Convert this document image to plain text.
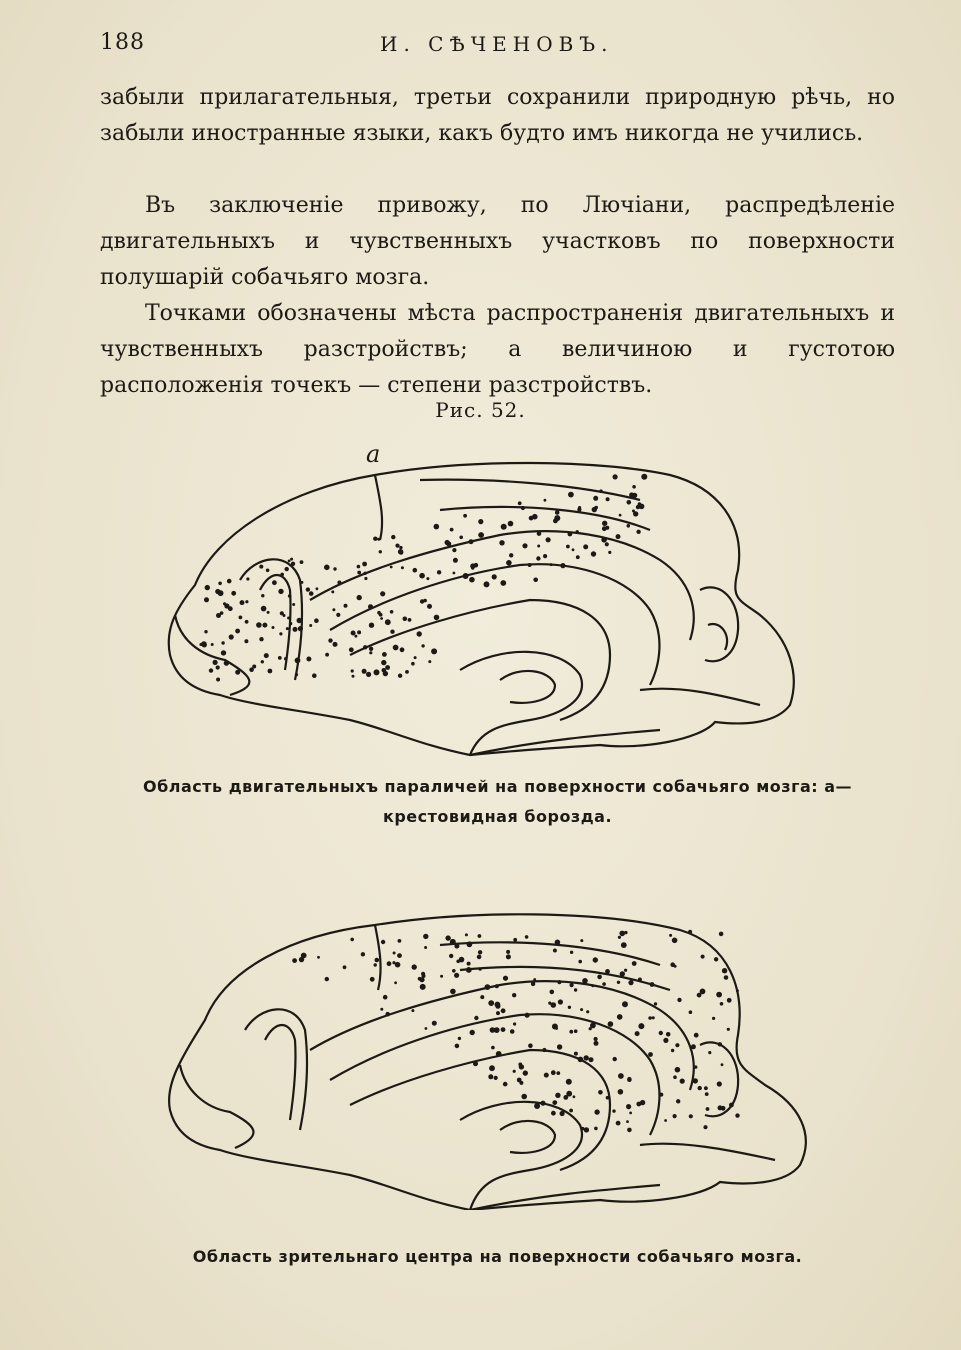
188	И. СѢЧЕНОВЪ.

забыли прилагательныя, третьи сохранили природную рѣчь, но забыли иностранные языки, какъ будто имъ никогда не учились.

Въ заключеніе привожу, по Лючіани, распредѣленіе двигательныхъ и чувственныхъ участковъ по поверхности полушарій собачьяго мозга.

Точками обозначены мѣста распространенія двигательныхъ и чувственныхъ разстройствъ; а величиною и густотою расположенія точекъ — степени разстройствъ.

Рис. 52.
a
Область двигательныхъ параличей на поверхности собачьяго мозга: a—крестовидная борозда.
Область зрительнаго центра на поверхности собачьяго мозга.
